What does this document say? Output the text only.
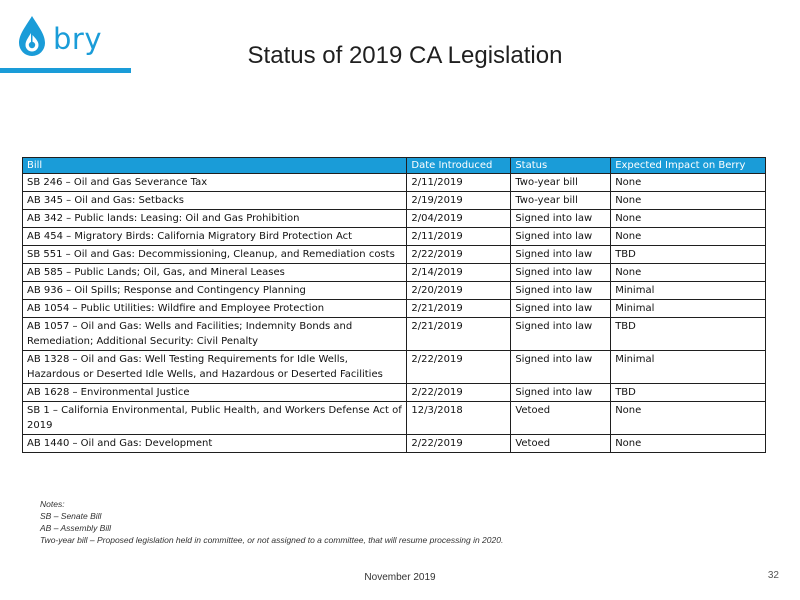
bry	Status of 2019 CA Legislation
Bill	Date Introduced	Status	Expected Impact on Berry
SB 246 – Oil and Gas Severance Tax	2/11/2019	Two-year bill	None
AB 345 – Oil and Gas: Setbacks	2/19/2019	Two-year bill	None
AB 342 – Public lands: Leasing: Oil and Gas Prohibition	2/04/2019	Signed into law	None
AB 454 – Migratory Birds: California Migratory Bird Protection Act	2/11/2019	Signed into law	None
SB 551 – Oil and Gas: Decommissioning, Cleanup, and Remediation costs	2/22/2019	Signed into law	TBD
AB 585 – Public Lands; Oil, Gas, and Mineral Leases	2/14/2019	Signed into law	None
AB 936 – Oil Spills; Response and Contingency Planning	2/20/2019	Signed into law	Minimal
AB 1054 – Public Utilities: Wildfire and Employee Protection	2/21/2019	Signed into law	Minimal
AB 1057 – Oil and Gas: Wells and Facilities; Indemnity Bonds and Remediation; Additional Security: Civil Penalty	2/21/2019	Signed into law	TBD
AB 1328 – Oil and Gas: Well Testing Requirements for Idle Wells, Hazardous or Deserted Idle Wells, and Hazardous or Deserted Facilities	2/22/2019	Signed into law	Minimal
AB 1628 – Environmental Justice	2/22/2019	Signed into law	TBD
SB 1 – California Environmental, Public Health, and Workers Defense Act of 2019	12/3/2018	Vetoed	None
AB 1440 – Oil and Gas: Development	2/22/2019	Vetoed	None
Notes:
SB – Senate Bill
AB – Assembly Bill
Two-year bill – Proposed legislation held in committee, or not assigned to a committee, that will resume processing in 2020.
November 2019	32
